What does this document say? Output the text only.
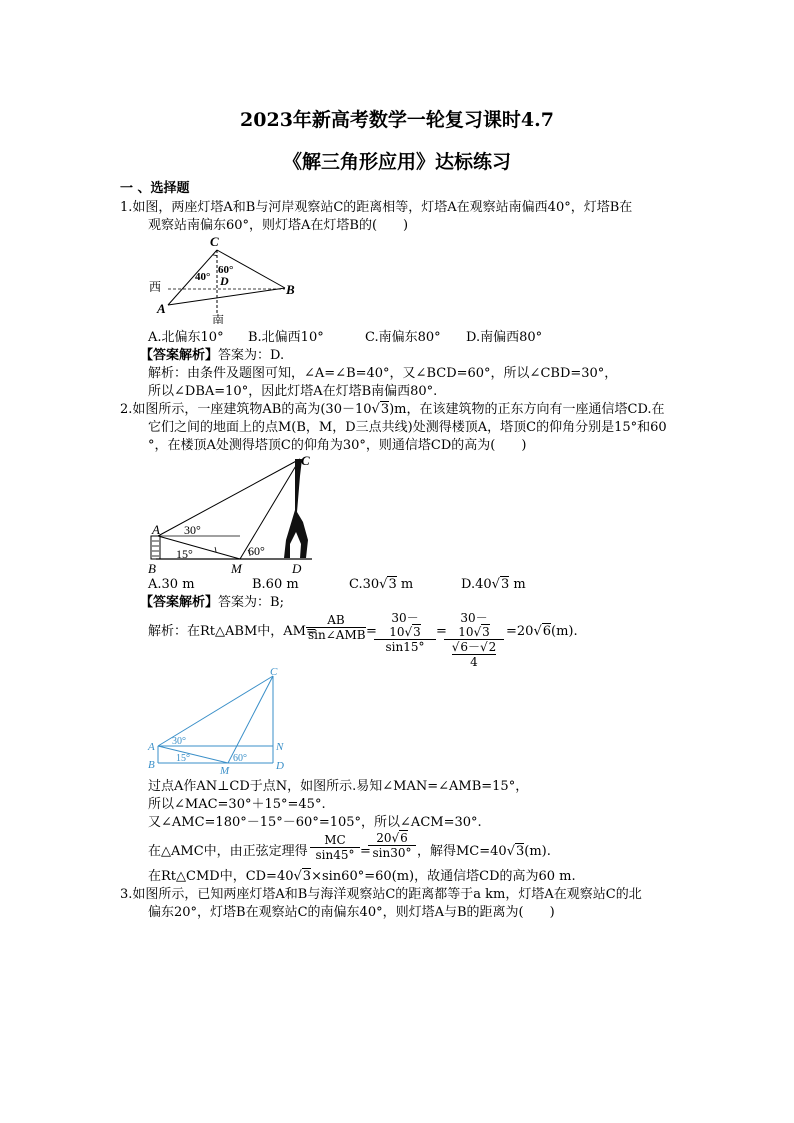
2023年新高考数学一轮复习课时4.7
《解三角形应用》达标练习
一 、选择题
1.如图，两座灯塔A和B与河岸观察站C的距离相等，灯塔A在观察站南偏西40°，灯塔B在
观察站南偏东60°，则灯塔A在灯塔B的(　　)
C
60°
40° D
西	B
A
南
A.北偏东10° B.北偏西10°	C.南偏东80° D.南偏西80°
【答案解析】答案为：D.
解析：由条件及题图可知，∠A=∠B=40°，又∠BCD=60°，所以∠CBD=30°，
所以∠DBA=10°，因此灯塔A在灯塔B南偏西80°.
2.如图所示，一座建筑物AB的高为(30－10√3)m，在该建筑物的正东方向有一座通信塔CD.在
它们之间的地面上的点M(B，M，D三点共线)处测得楼顶A，塔顶C的仰角分别是15°和60
°，在楼顶A处测得塔顶C的仰角为30°，则通信塔CD的高为(　　)
A 30°
15°	60°
C
B	M	D
A.30 m	B.60 m	C.30√3 m	D.40√3 m
【答案解析】答案为：B;
解析：在Rt△ABM中，AM=
AB
sin∠AMB =
30－10√3
sin15°
=
30－10√3
√6－√2
4
=20√6(m).
C
A
B
N
D
M
30°
15°	60°
过点A作AN⊥CD于点N，如图所示.易知∠MAN=∠AMB=15°，
所以∠MAC=30°＋15°=45°.
又∠AMC=180°－15°－60°=105°，所以∠ACM=30°.
在△AMC中，由正弦定理得
MC
sin45° =
20√6
sin30° ，解得MC=40√3(m).
在Rt△CMD中，CD=40√3×sin60°=60(m)，故通信塔CD的高为60 m.
3.如图所示，已知两座灯塔A和B与海洋观察站C的距离都等于a km，灯塔A在观察站C的北
偏东20°，灯塔B在观察站C的南偏东40°，则灯塔A与B的距离为(　　)
